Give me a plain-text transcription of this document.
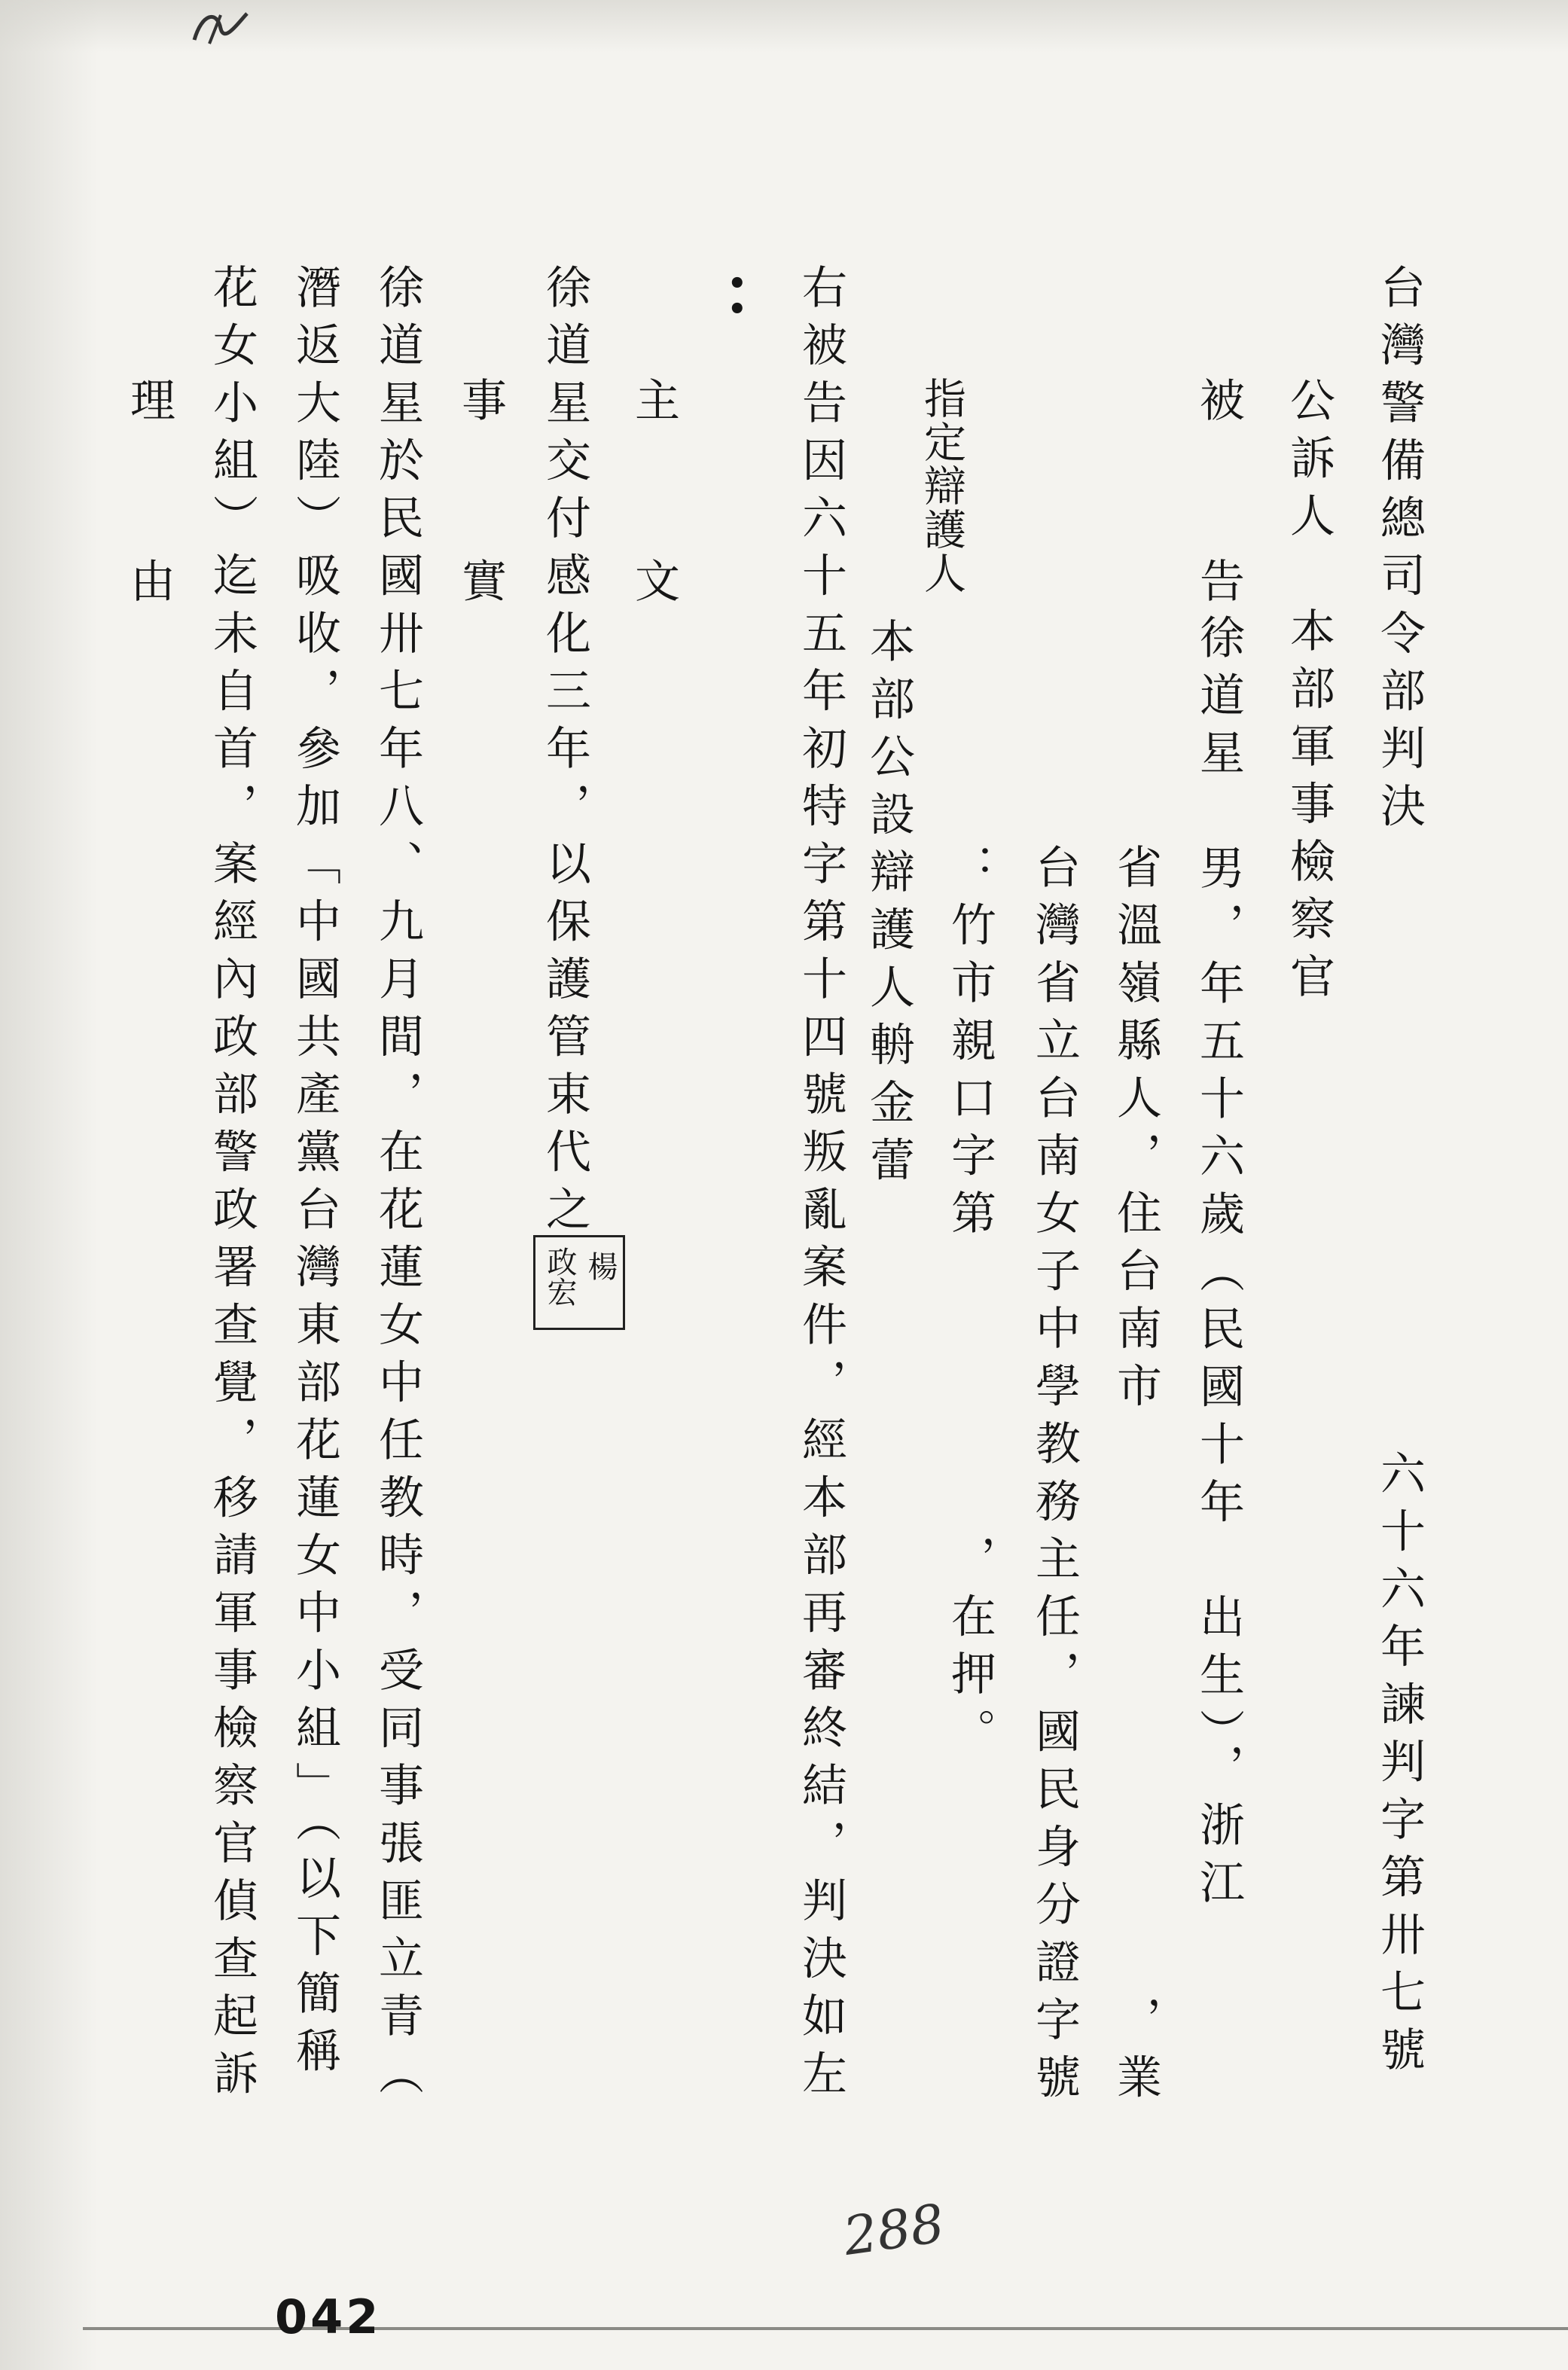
台灣警備總司令部判決
六十六年諫判字第卅七號
公訴人　本部軍事檢察官
被　告
徐道星　男，年五十六歲（民國十年　出生），浙江
省溫嶺縣人，住台南市　　　　　　　　　　，業
台灣省立台南女子中學教務主任，國民身分證字號
：竹市親口字第　　　　　，在押。
指定辯護人
本部公設辯護人輈金蕾
右被告因六十五年初特字第十四號叛亂案件，經本部再審終結，判決如左
•
•
主　文
徐道星交付感化三年，以保護管束代之
事　實
徐道星於民國卅七年八、九月間，在花蓮女中任教時，受同事張匪立青（
潛返大陸）吸收，參加「中國共產黨台灣東部花蓮女中小組」（以下簡稱
花女小組）迄未自首，案經內政部警政署查覺，移請軍事檢察官偵查起訴
理　由
楊
政宏
042
288
